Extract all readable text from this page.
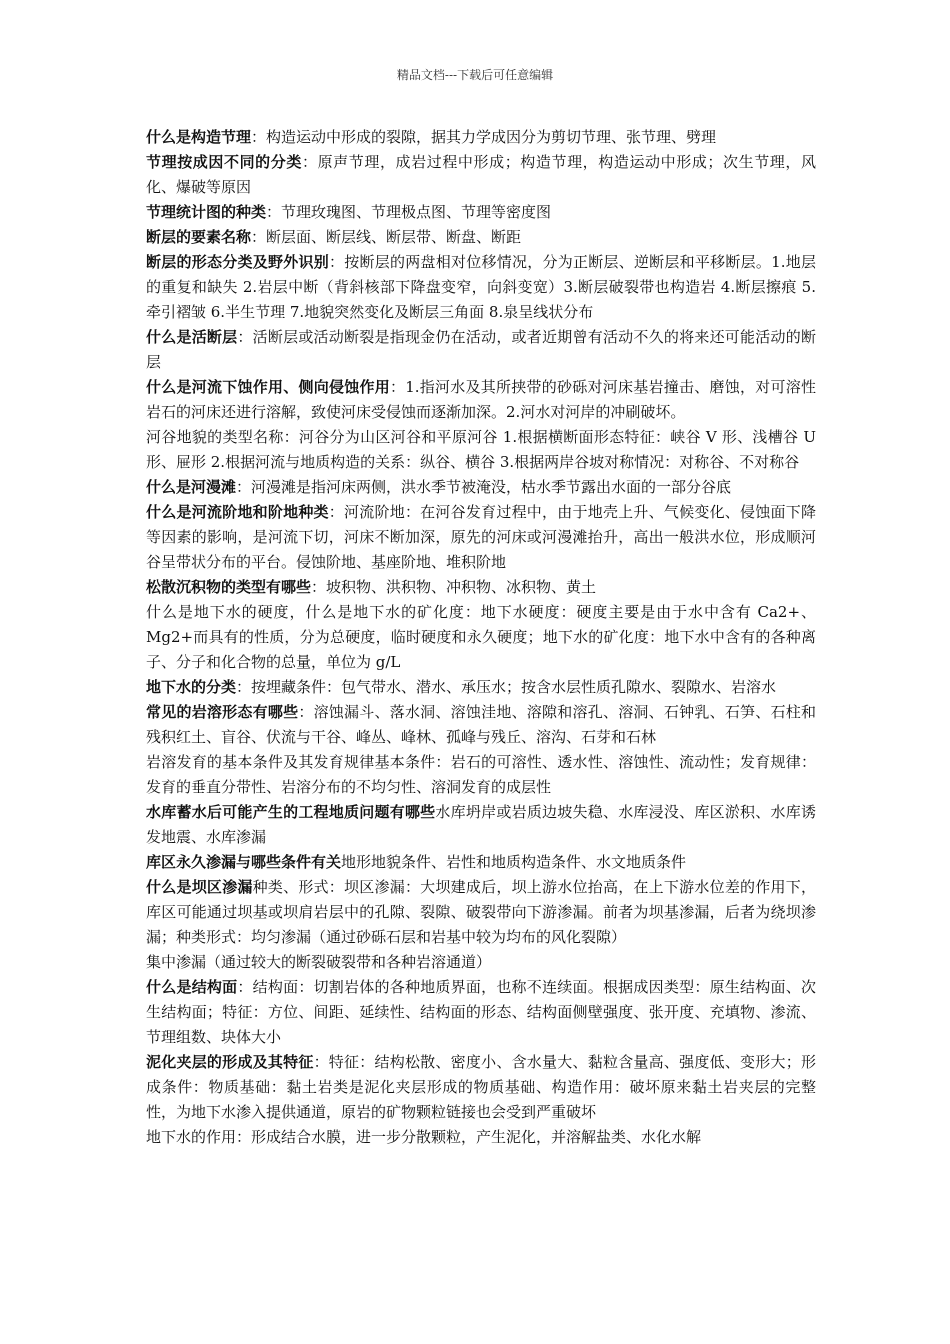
精品文档---下载后可任意编辑

什么是构造节理：构造运动中形成的裂隙，据其力学成因分为剪切节理、张节理、劈理

节理按成因不同的分类：原声节理，成岩过程中形成；构造节理，构造运动中形成；次生节理，风化、爆破等原因

节理统计图的种类：节理玫瑰图、节理极点图、节理等密度图

断层的要素名称：断层面、断层线、断层带、断盘、断距

断层的形态分类及野外识别：按断层的两盘相对位移情况，分为正断层、逆断层和平移断层。1.地层的重复和缺失 2.岩层中断（背斜核部下降盘变窄，向斜变宽）3.断层破裂带也构造岩 4.断层擦痕 5.牵引褶皱 6.半生节理 7.地貌突然变化及断层三角面 8.泉呈线状分布

什么是活断层：活断层或活动断裂是指现金仍在活动，或者近期曾有活动不久的将来还可能活动的断层

什么是河流下蚀作用、侧向侵蚀作用：1.指河水及其所挟带的砂砾对河床基岩撞击、磨蚀，对可溶性岩石的河床还进行溶解，致使河床受侵蚀而逐渐加深。2.河水对河岸的冲刷破坏。

河谷地貌的类型名称：河谷分为山区河谷和平原河谷 1.根据横断面形态特征：峡谷 V 形、浅槽谷 U 形、屉形 2.根据河流与地质构造的关系：纵谷、横谷 3.根据两岸谷坡对称情况：对称谷、不对称谷

什么是河漫滩：河漫滩是指河床两侧，洪水季节被淹没，枯水季节露出水面的一部分谷底

什么是河流阶地和阶地种类：河流阶地：在河谷发育过程中，由于地壳上升、气候变化、侵蚀面下降等因素的影响，是河流下切，河床不断加深，原先的河床或河漫滩抬升，高出一般洪水位，形成顺河谷呈带状分布的平台。侵蚀阶地、基座阶地、堆积阶地

松散沉积物的类型有哪些：坡积物、洪积物、冲积物、冰积物、黄土

什么是地下水的硬度，什么是地下水的矿化度：地下水硬度：硬度主要是由于水中含有 Ca2+、Mg2+而具有的性质，分为总硬度，临时硬度和永久硬度；地下水的矿化度：地下水中含有的各种离子、分子和化合物的总量，单位为 g/L

地下水的分类：按埋藏条件：包气带水、潜水、承压水；按含水层性质孔隙水、裂隙水、岩溶水

常见的岩溶形态有哪些：溶蚀漏斗、落水洞、溶蚀洼地、溶隙和溶孔、溶洞、石钟乳、石笋、石柱和残积红土、盲谷、伏流与干谷、峰丛、峰林、孤峰与残丘、溶沟、石芽和石林

岩溶发育的基本条件及其发育规律基本条件：岩石的可溶性、透水性、溶蚀性、流动性；发育规律：发育的垂直分带性、岩溶分布的不均匀性、溶洞发育的成层性

水库蓄水后可能产生的工程地质问题有哪些水库坍岸或岩质边坡失稳、水库浸没、库区淤积、水库诱发地震、水库渗漏

库区永久渗漏与哪些条件有关地形地貌条件、岩性和地质构造条件、水文地质条件

什么是坝区渗漏种类、形式：坝区渗漏：大坝建成后，坝上游水位抬高，在上下游水位差的作用下，库区可能通过坝基或坝肩岩层中的孔隙、裂隙、破裂带向下游渗漏。前者为坝基渗漏，后者为绕坝渗漏；种类形式：均匀渗漏（通过砂砾石层和岩基中较为均布的风化裂隙）

集中渗漏（通过较大的断裂破裂带和各种岩溶通道）

什么是结构面：结构面：切割岩体的各种地质界面，也称不连续面。根据成因类型：原生结构面、次生结构面；特征：方位、间距、延续性、结构面的形态、结构面侧壁强度、张开度、充填物、渗流、节理组数、块体大小

泥化夹层的形成及其特征：特征：结构松散、密度小、含水量大、黏粒含量高、强度低、变形大；形成条件：物质基础：黏土岩类是泥化夹层形成的物质基础、构造作用：破坏原来黏土岩夹层的完整性，为地下水渗入提供通道，原岩的矿物颗粒链接也会受到严重破坏

地下水的作用：形成结合水膜，进一步分散颗粒，产生泥化，并溶解盐类、水化水解
